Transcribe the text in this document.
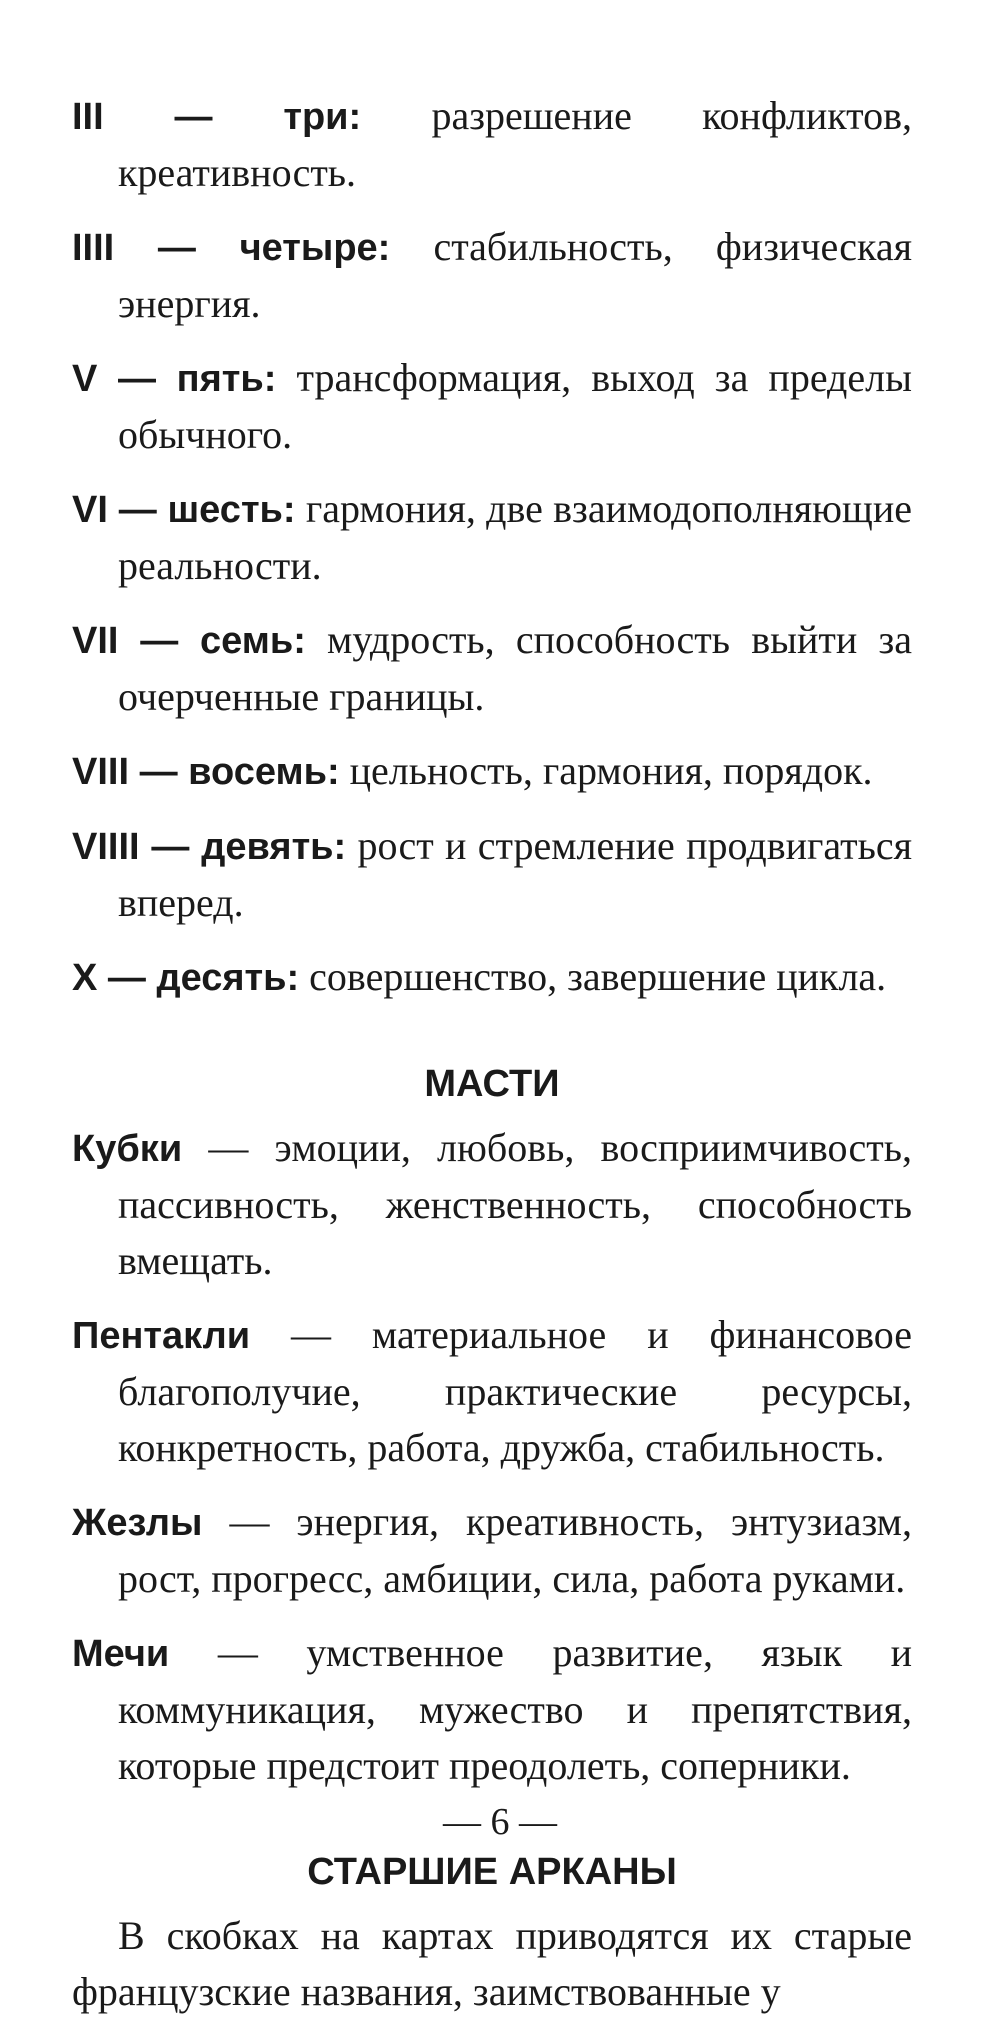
III — три: разрешение конфликтов, креативность.

IIII — четыре: стабильность, физическая энергия.

V — пять: трансформация, выход за пределы обычного.

VI — шесть: гармония, две взаимодополняющие реальности.

VII — семь: мудрость, способность выйти за очерченные границы.

VIII — восемь: цельность, гармония, порядок.

VIIII — девять: рост и стремление продвигаться вперед.

X — десять: совершенство, завершение цикла.

МАСТИ

Кубки — эмоции, любовь, восприимчивость, пассивность, женственность, способность вмещать.

Пентакли — материальное и финансовое благополучие, практические ресурсы, конкретность, работа, дружба, стабильность.

Жезлы — энергия, креативность, энтузиазм, рост, прогресс, амбиции, сила, работа руками.

Мечи — умственное развитие, язык и коммуникация, мужество и препятствия, которые предстоит преодолеть, соперники.

СТАРШИЕ АРКАНЫ

В скобках на картах приводятся их старые французские названия, заимствованные у

— 6 —
